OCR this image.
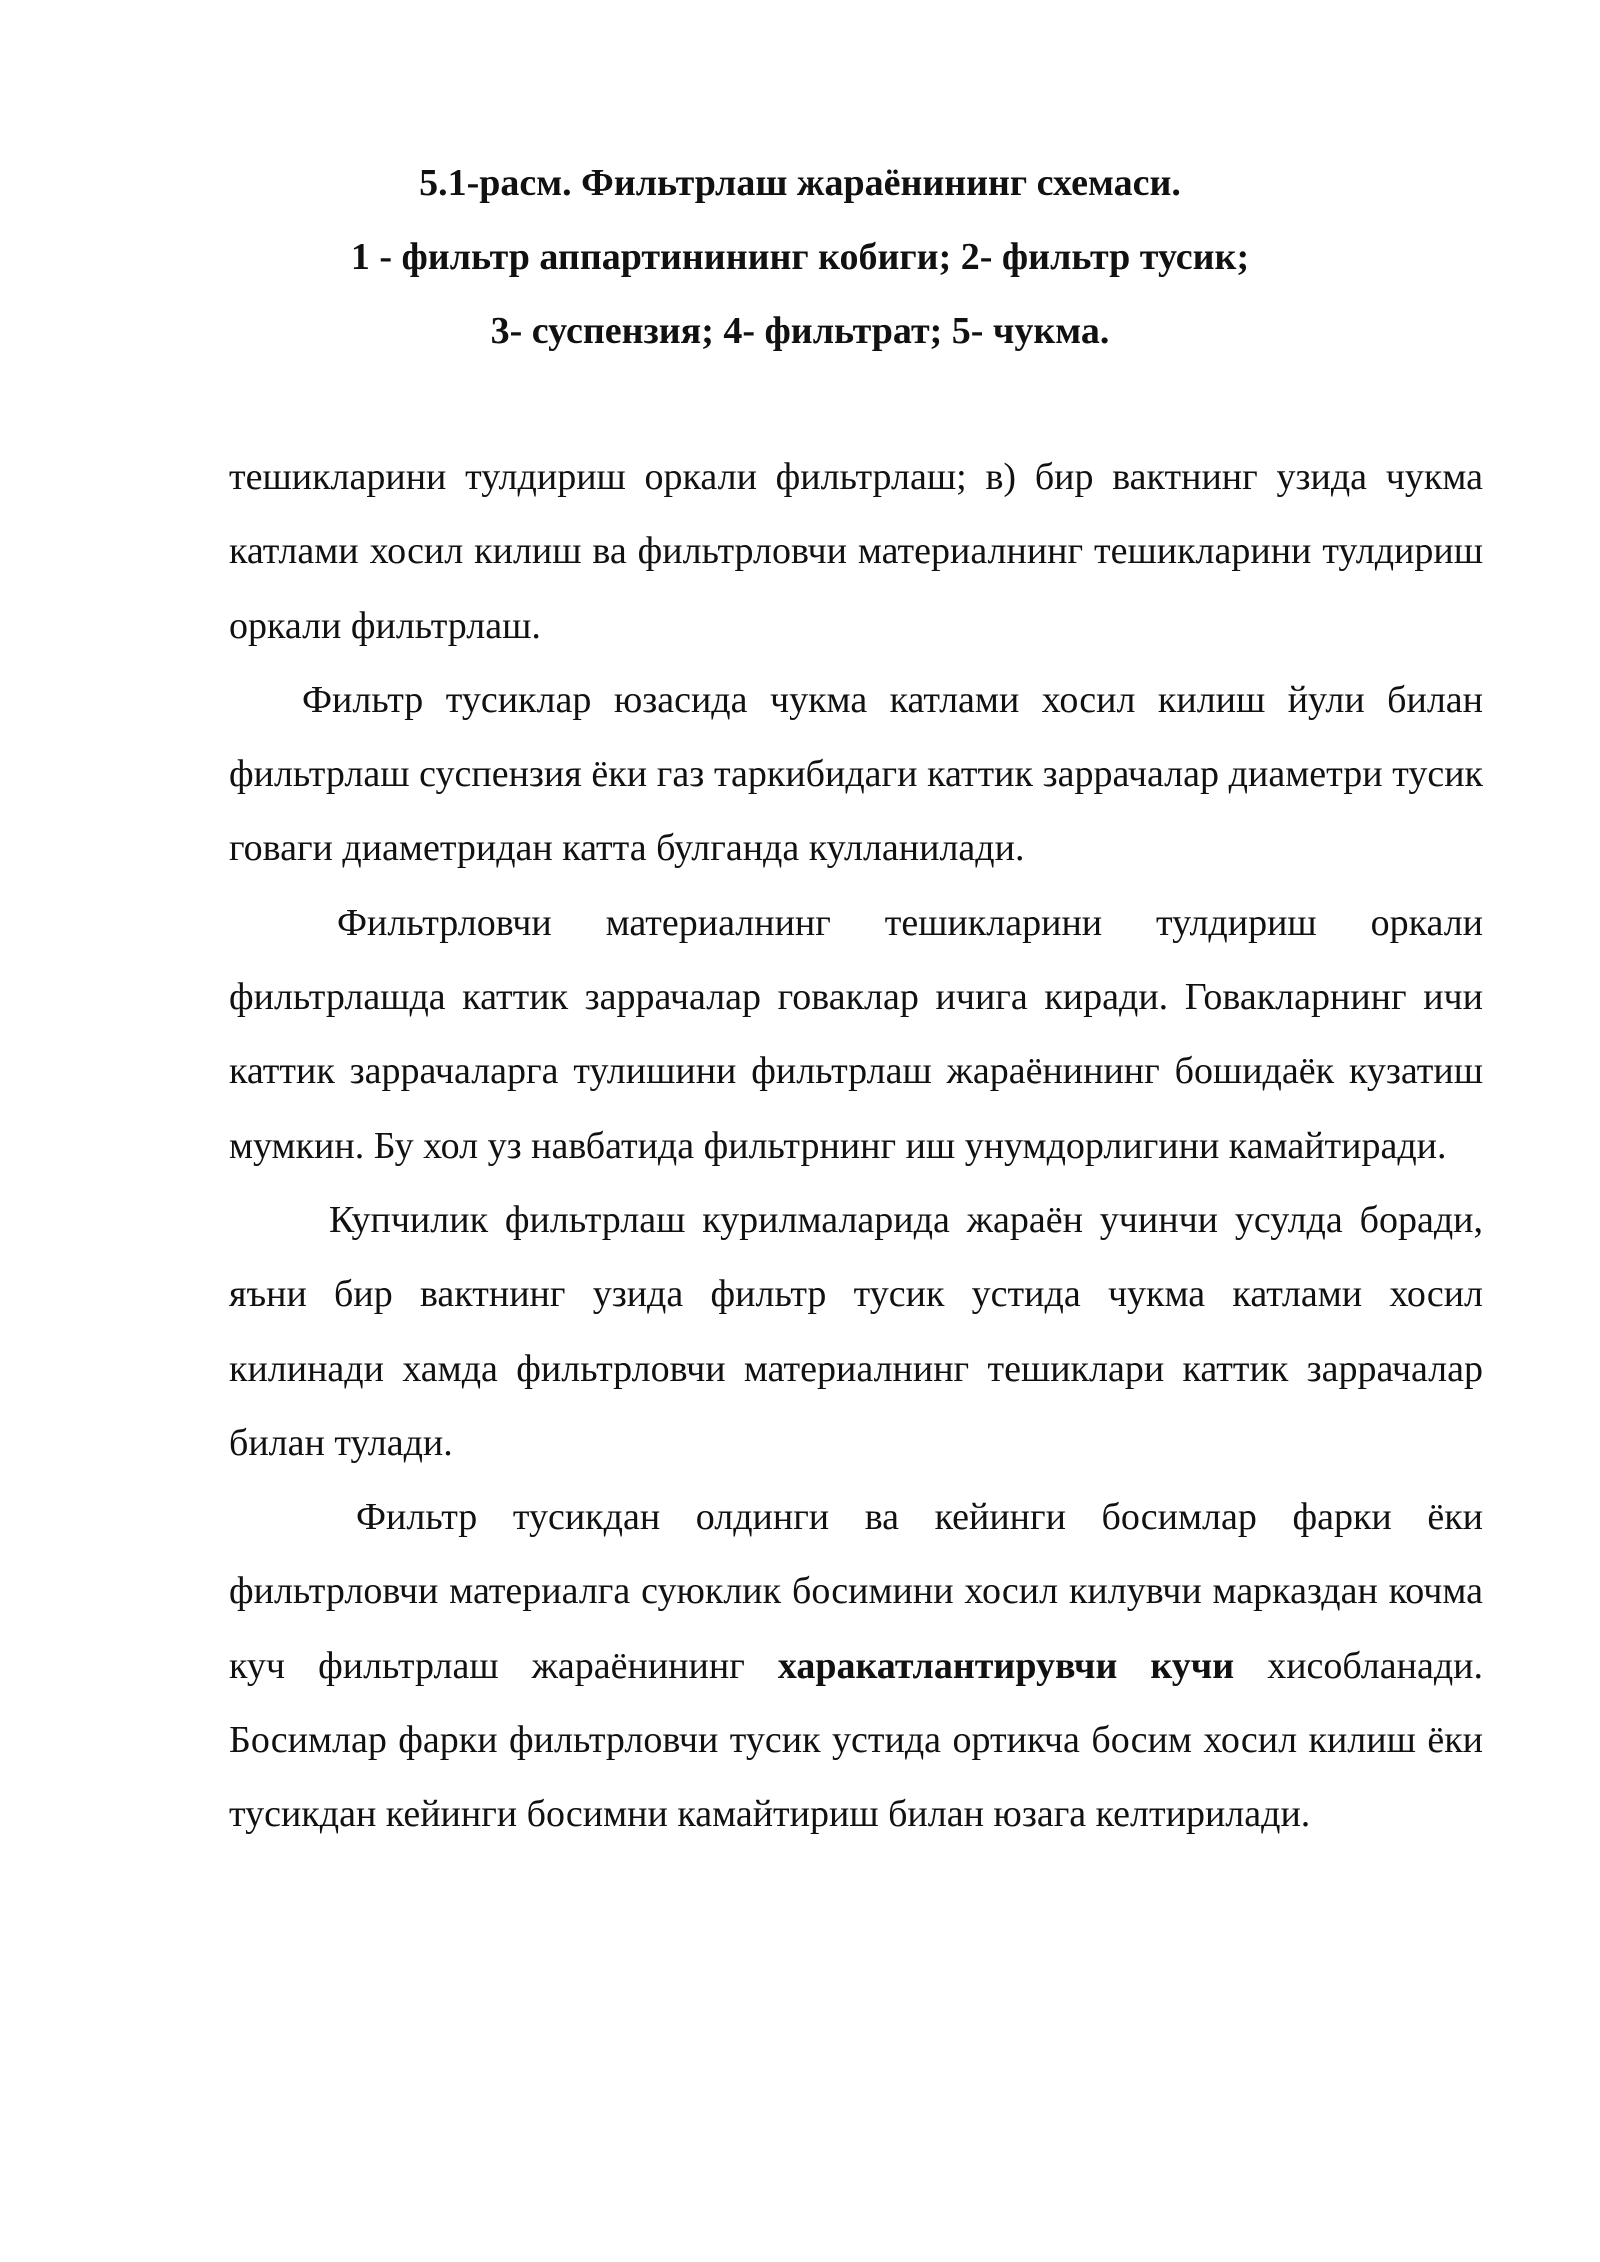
5.1-расм. Фильтрлаш жараёнининг схемаси.
1 - фильтр аппартинининг кобиги; 2- фильтр тусик;
3- суспензия; 4- фильтрат; 5- чукма.

тешикларини тулдириш оркали фильтрлаш; в) бир вактнинг узида чукма катлами хосил килиш ва фильтрловчи материалнинг тешикларини тулдириш оркали фильтрлаш.

Фильтр тусиклар юзасида чукма катлами хосил килиш йули билан фильтрлаш суспензия ёки газ таркибидаги каттик заррачалар диаметри тусик говаги диаметридан катта булганда кулланилади.

Фильтрловчи материалнинг тешикларини тулдириш оркали фильтрлашда каттик заррачалар говаклар ичига киради. Говакларнинг ичи каттик заррачаларга тулишини фильтрлаш жараёнининг бошидаёк кузатиш мумкин. Бу хол уз навбатида фильтрнинг иш унумдорлигини камайтиради.

Купчилик фильтрлаш курилмаларида жараён учинчи усулда боради, яъни бир вактнинг узида фильтр тусик устида чукма катлами хосил килинади хамда фильтрловчи материалнинг тешиклари каттик заррачалар билан тулади.

Фильтр тусикдан олдинги ва кейинги босимлар фарки ёки фильтрловчи материалга суюклик босимини хосил килувчи марказдан кочма куч фильтрлаш жараёнининг харакатлантирувчи кучи хисобланади. Босимлар фарки фильтрловчи тусик устида ортикча босим хосил килиш ёки тусикдан кейинги босимни камайтириш билан юзага келтирилади.
